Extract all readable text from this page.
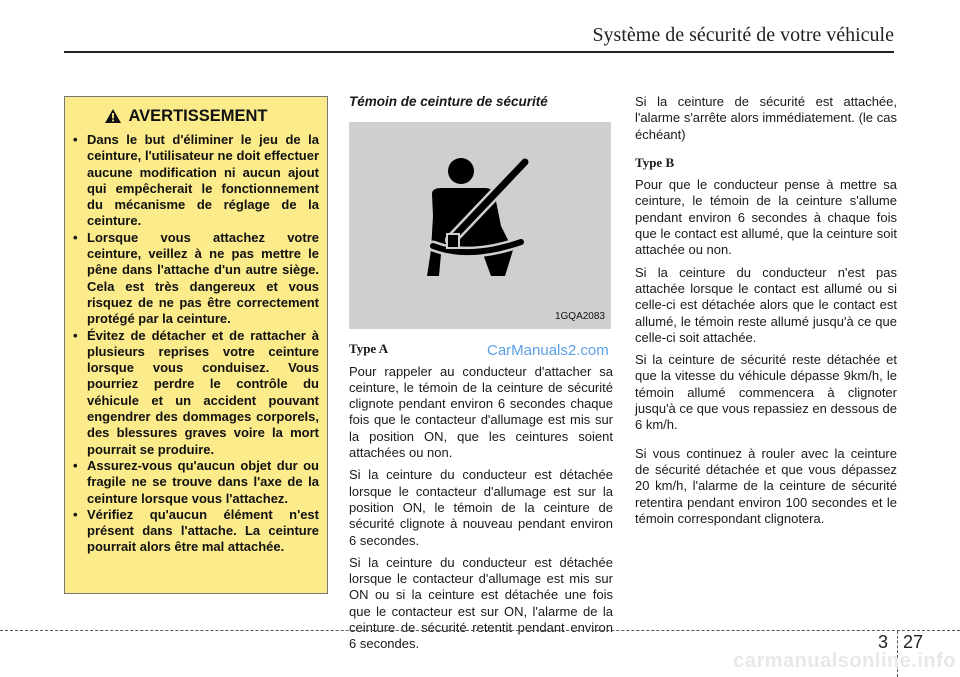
Système de sécurité de votre véhicule
AVERTISSEMENT
• Dans le but d'éliminer le jeu de la ceinture, l'utilisateur ne doit effectuer aucune modification ni aucun ajout qui empêcherait le fonctionnement du mécanisme de réglage de la ceinture.
• Lorsque vous attachez votre ceinture, veillez à ne pas mettre le pêne dans l'attache d'un autre siège. Cela est très dangereux et vous risquez de ne pas être correctement protégé par la ceinture.
• Évitez de détacher et de rattacher à plusieurs reprises votre ceinture lorsque vous conduisez. Vous pourriez perdre le contrôle du véhicule et un accident pouvant engendrer des dommages corporels, des blessures graves voire la mort pourrait se produire.
• Assurez-vous qu'aucun objet dur ou fragile ne se trouve dans l'axe de la ceinture lorsque vous l'attachez.
• Vérifiez qu'aucun élément n'est présent dans l'attache. La ceinture pourrait alors être mal attachée.
Témoin de ceinture de sécurité
1GQA2083

Type A

Pour rappeler au conducteur d'attacher sa ceinture, le témoin de la ceinture de sécurité clignote pendant environ 6 secondes chaque fois que le contacteur d'allumage est mis sur la position ON, que les ceintures soient attachées ou non.

Si la ceinture du conducteur est détachée lorsque le contacteur d'allumage est sur la position ON, le témoin de la ceinture de sécurité clignote à nouveau pendant environ 6 secondes.

Si la ceinture du conducteur est détachée lorsque le contacteur d'allumage est mis sur ON ou si la ceinture est détachée une fois que le contacteur est sur ON, l'alarme de la ceinture de sécurité retentit pendant environ 6 secondes.

Si la ceinture de sécurité est attachée, l'alarme s'arrête alors immédiatement. (le cas échéant)

Type B

Pour que le conducteur pense à mettre sa ceinture, le témoin de la ceinture s'allume pendant environ 6 secondes à chaque fois que le contact est allumé, que la ceinture soit attachée ou non.

Si la ceinture du conducteur n'est pas attachée lorsque le contact est allumé ou si celle-ci est détachée alors que le contact est allumé, le témoin reste allumé jusqu'à ce que celle-ci soit attachée.

Si la ceinture de sécurité reste détachée et que la vitesse du véhicule dépasse 9km/h, le témoin allumé commencera à clignoter jusqu'à ce que vous repassiez en dessous de 6 km/h.

Si vous continuez à rouler avec la ceinture de sécurité détachée et que vous dépassez 20 km/h, l'alarme de la ceinture de sécurité retentira pendant environ 100 secondes et le témoin correspondant clignotera.

CarManuals2.com
3 27
carmanualsonline.info
